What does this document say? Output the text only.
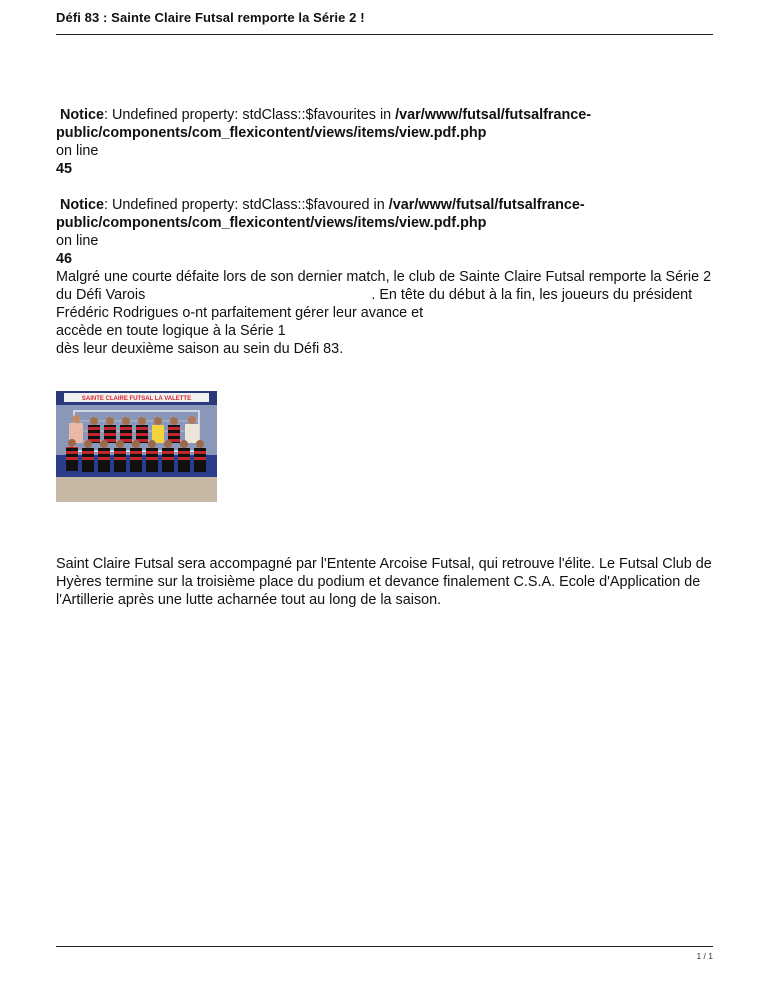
Défi 83 : Sainte Claire Futsal remporte la Série 2 !

Notice: Undefined property: stdClass::$favourites in /var/www/futsal/futsalfrance-public/components/com_flexicontent/views/items/view.pdf.php
on line
45

Notice: Undefined property: stdClass::$favoured in /var/www/futsal/futsalfrance-public/components/com_flexicontent/views/items/view.pdf.php
on line
46

Malgré une courte défaite lors de son dernier match, le club de Sainte Claire Futsal remporte la Série 2 du Défi Varois	. En tête du début à la fin, les joueurs du président Frédéric Rodrigues o-nt parfaitement gérer leur avance et
accède en toute logique à la Série 1
dès leur deuxième saison au sein du Défi 83.

SAINTE CLAIRE FUTSAL LA VALETTE

Saint Claire Futsal sera accompagné par l'Entente Arcoise Futsal, qui retrouve l'élite. Le Futsal Club de Hyères termine sur la troisième place du podium et devance finalement C.S.A. Ecole d'Application de l'Artillerie après une lutte acharnée tout au long de la saison.

1 / 1
